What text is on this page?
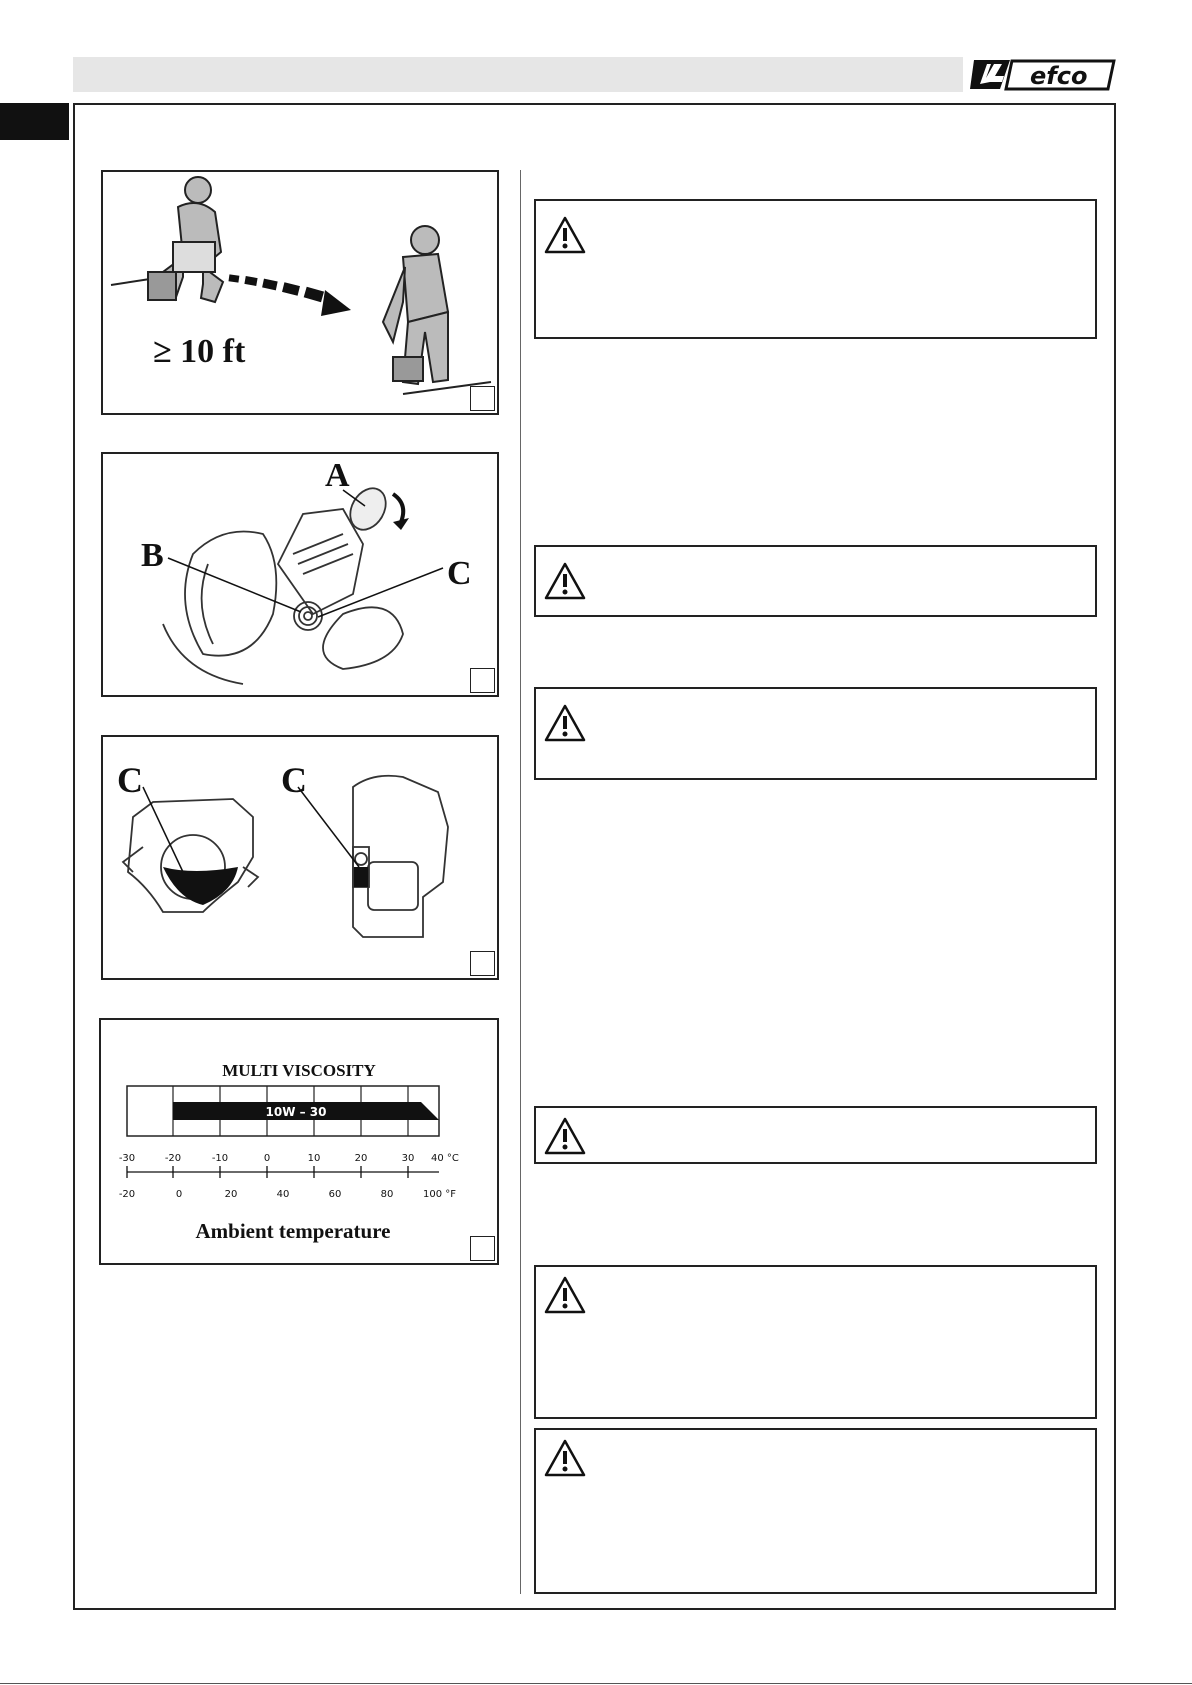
efco
≥ 10 ft
A
B	C
C	C
MULTI VISCOSITY
10W – 30
-30	-20	-10	0	10	20	30 40 °C
-20	0	20	40	60	80	100 °F
Ambient temperature
